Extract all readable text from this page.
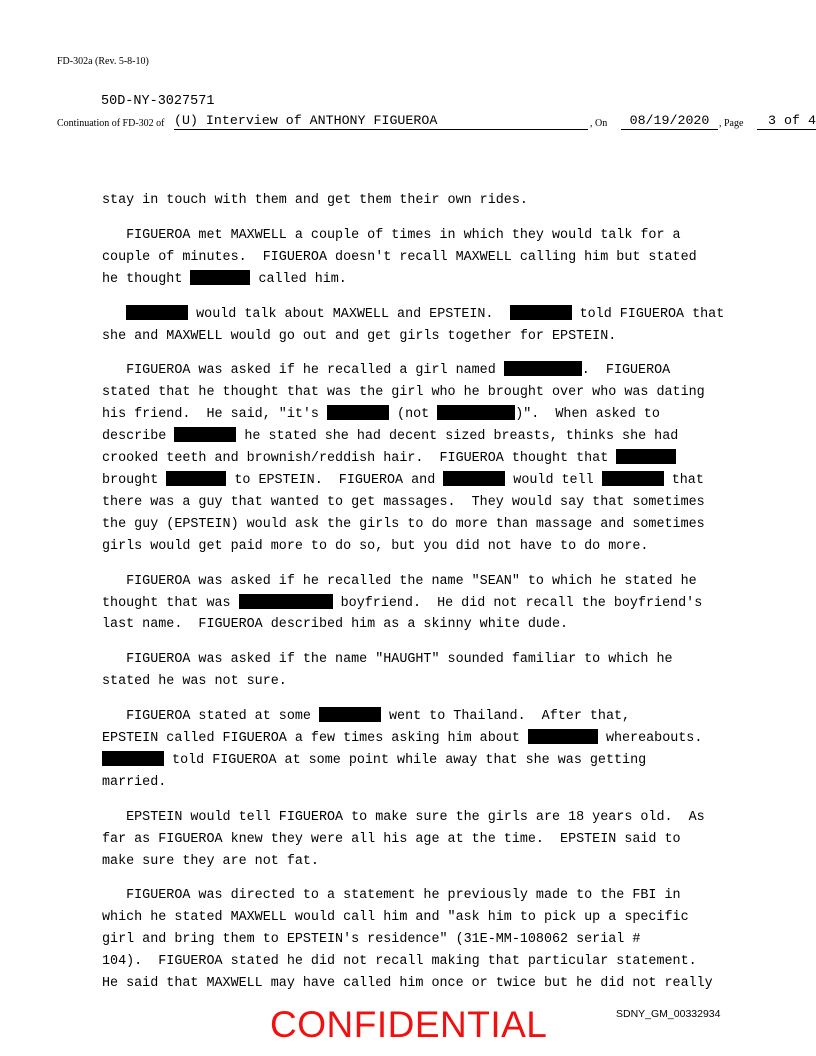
FD-302a (Rev. 5-8-10)
50D-NY-3027571
Continuation of FD-302 of (U) Interview of ANTHONY FIGUEROA	, On	08/19/2020 , Page	3 of 4

stay in touch with them and get them their own rides.

FIGUEROA met MAXWELL a couple of times in which they would talk for a
couple of minutes.  FIGUEROA doesn't recall MAXWELL calling him but stated
he thought	called him.

would talk about MAXWELL and EPSTEIN.	told FIGUEROA that
she and MAXWELL would go out and get girls together for EPSTEIN.

FIGUEROA was asked if he recalled a girl named	.  FIGUEROA
stated that he thought that was the girl who he brought over who was dating
his friend.  He said, "it's	(not	)".  When asked to
describe	he stated she had decent sized breasts, thinks she had
crooked teeth and brownish/reddish hair.  FIGUEROA thought that
brought	to EPSTEIN.  FIGUEROA and	would tell	that
there was a guy that wanted to get massages.  They would say that sometimes
the guy (EPSTEIN) would ask the girls to do more than massage and sometimes
girls would get paid more to do so, but you did not have to do more.

FIGUEROA was asked if he recalled the name "SEAN" to which he stated he
thought that was	boyfriend.  He did not recall the boyfriend's
last name.  FIGUEROA described him as a skinny white dude.

FIGUEROA was asked if the name "HAUGHT" sounded familiar to which he
stated he was not sure.

FIGUEROA stated at some	went to Thailand.  After that,
EPSTEIN called FIGUEROA a few times asking him about	whereabouts.
told FIGUEROA at some point while away that she was getting
married.

EPSTEIN would tell FIGUEROA to make sure the girls are 18 years old.  As
far as FIGUEROA knew they were all his age at the time.  EPSTEIN said to
make sure they are not fat.

FIGUEROA was directed to a statement he previously made to the FBI in
which he stated MAXWELL would call him and "ask him to pick up a specific
girl and bring them to EPSTEIN's residence" (31E-MM-108062 serial #
104).  FIGUEROA stated he did not recall making that particular statement.
He said that MAXWELL may have called him once or twice but he did not really

CONFIDENTIAL	SDNY_GM_00332934
